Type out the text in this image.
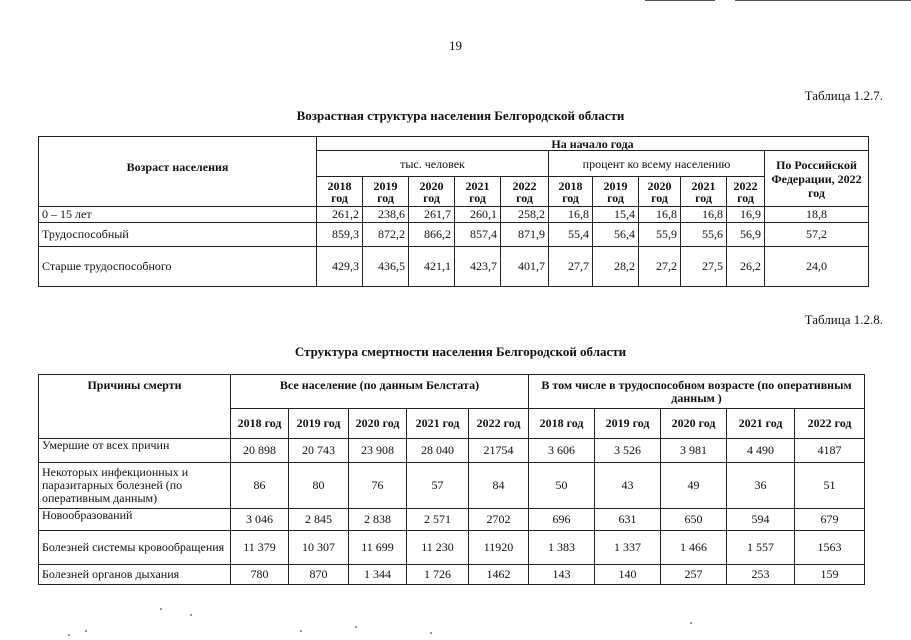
19
Таблица 1.2.7.
Возрастная структура населения Белгородской области
Возраст населения	На начало года										
	тыс. человек					процент ко всему населению					По Российской Федерации, 2022 год
	2018 год	2019 год	2020 год	2021 год	2022 год	2018 год	2019 год	2020 год	2021 год	2022 год	
0 – 15 лет	261,2	238,6	261,7	260,1	258,2	16,8	15,4	16,8	16,8	16,9	18,8
Трудоспособный	859,3	872,2	866,2	857,4	871,9	55,4	56,4	55,9	55,6	56,9	57,2
Старше трудоспособного	429,3	436,5	421,1	423,7	401,7	27,7	28,2	27,2	27,5	26,2	24,0
Таблица 1.2.8.
Структура смертности населения Белгородской области
Причины смерти	Все население (по данным Белстата)					В том числе в трудоспособном возрасте (по оперативным данным )				
	2018 год	2019 год	2020 год	2021 год	2022 год	2018 год	2019 год	2020 год	2021 год	2022 год
Умершие от всех причин	20 898	20 743	23 908	28 040	21754	3 606	3 526	3 981	4 490	4187
Некоторых инфекционных и паразитарных болезней (по оперативным данным)	86	80	76	57	84	50	43	49	36	51
Новообразований	3 046	2 845	2 838	2 571	2702	696	631	650	594	679
Болезней системы кровообращения	11 379	10 307	11 699	11 230	11920	1 383	1 337	1 466	1 557	1563
Болезней органов дыхания	780	870	1 344	1 726	1462	143	140	257	253	159
